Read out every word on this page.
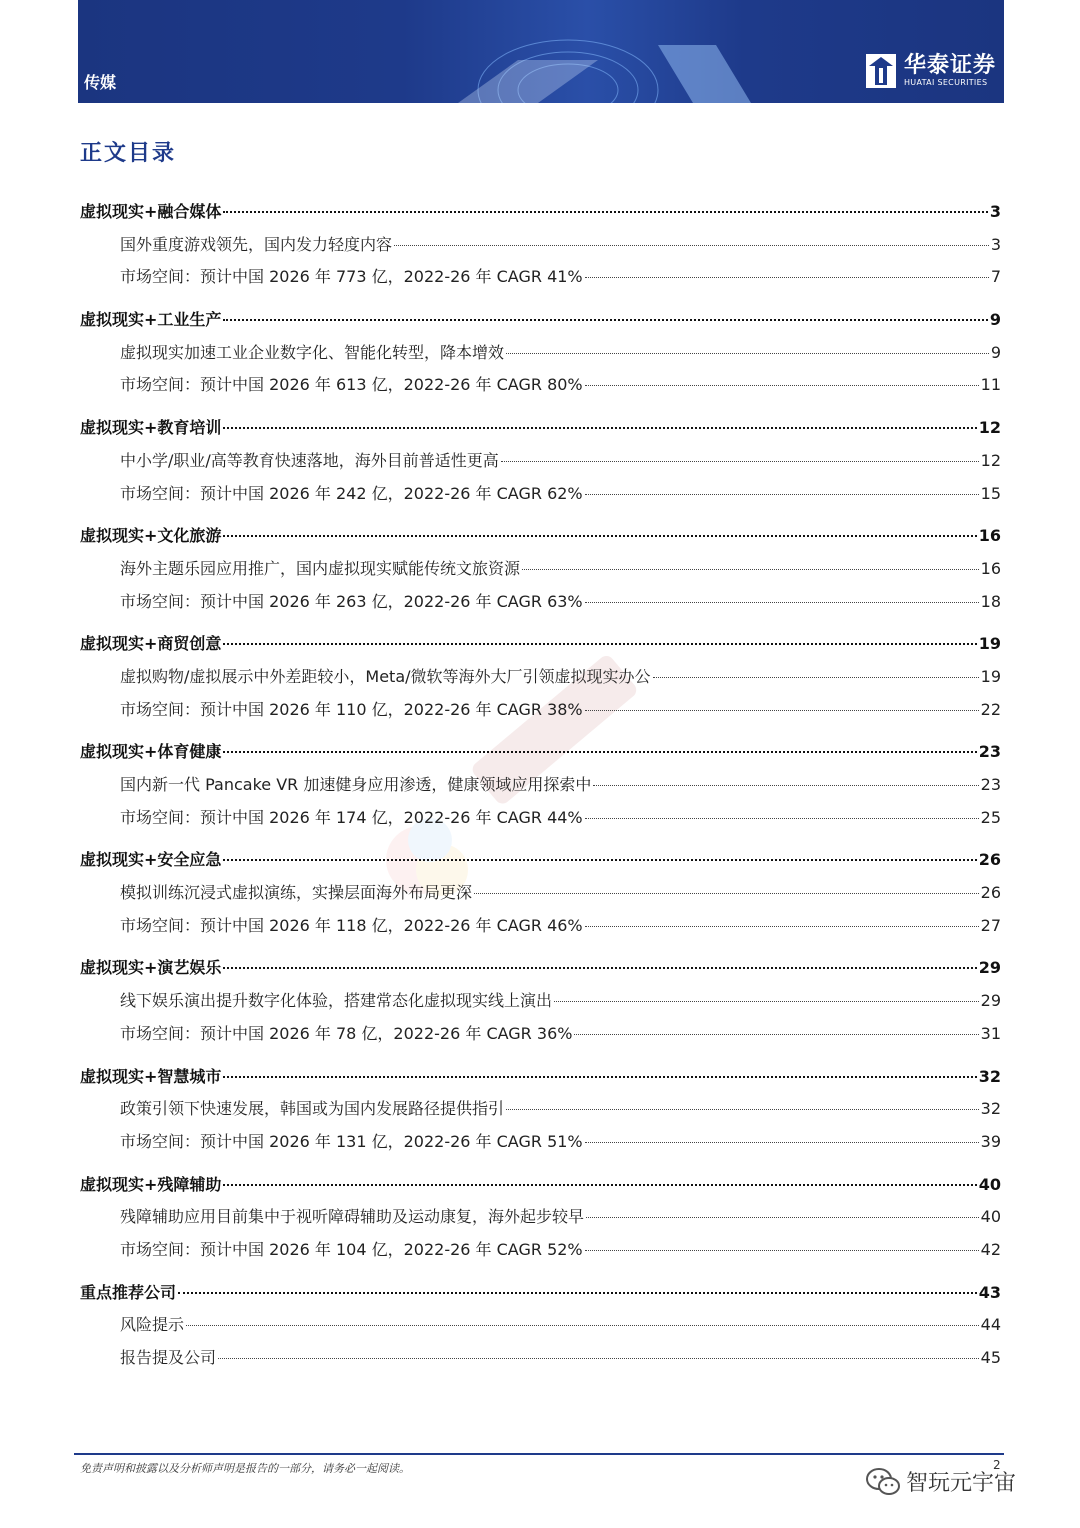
传媒
华泰证券
HUATAI SECURITIES
正文目录
虚拟现实+融合媒体	3
国外重度游戏领先，国内发力轻度内容	3
市场空间：预计中国 2026 年 773 亿，2022-26 年 CAGR 41%	7
虚拟现实+工业生产	9
虚拟现实加速工业企业数字化、智能化转型，降本增效	9
市场空间：预计中国 2026 年 613 亿，2022-26 年 CAGR 80%	11
虚拟现实+教育培训	12
中小学/职业/高等教育快速落地，海外目前普适性更高	12
市场空间：预计中国 2026 年 242 亿，2022-26 年 CAGR 62%	15
虚拟现实+文化旅游	16
海外主题乐园应用推广，国内虚拟现实赋能传统文旅资源	16
市场空间：预计中国 2026 年 263 亿，2022-26 年 CAGR 63%	18
虚拟现实+商贸创意	19
虚拟购物/虚拟展示中外差距较小，Meta/微软等海外大厂引领虚拟现实办公	19
市场空间：预计中国 2026 年 110 亿，2022-26 年 CAGR 38%	22
虚拟现实+体育健康	23
国内新一代 Pancake VR 加速健身应用渗透，健康领域应用探索中	23
市场空间：预计中国 2026 年 174 亿，2022-26 年 CAGR 44%	25
虚拟现实+安全应急	26
模拟训练沉浸式虚拟演练，实操层面海外布局更深	26
市场空间：预计中国 2026 年 118 亿，2022-26 年 CAGR 46%	27
虚拟现实+演艺娱乐	29
线下娱乐演出提升数字化体验，搭建常态化虚拟现实线上演出	29
市场空间：预计中国 2026 年 78 亿，2022-26 年 CAGR 36%	31
虚拟现实+智慧城市	32
政策引领下快速发展，韩国或为国内发展路径提供指引	32
市场空间：预计中国 2026 年 131 亿，2022-26 年 CAGR 51%	39
虚拟现实+残障辅助	40
残障辅助应用目前集中于视听障碍辅助及运动康复，海外起步较早	40
市场空间：预计中国 2026 年 104 亿，2022-26 年 CAGR 52%	42
重点推荐公司	43
风险提示	44
报告提及公司	45
免责声明和披露以及分析师声明是报告的一部分，请务必一起阅读。	2
智玩元宇宙
